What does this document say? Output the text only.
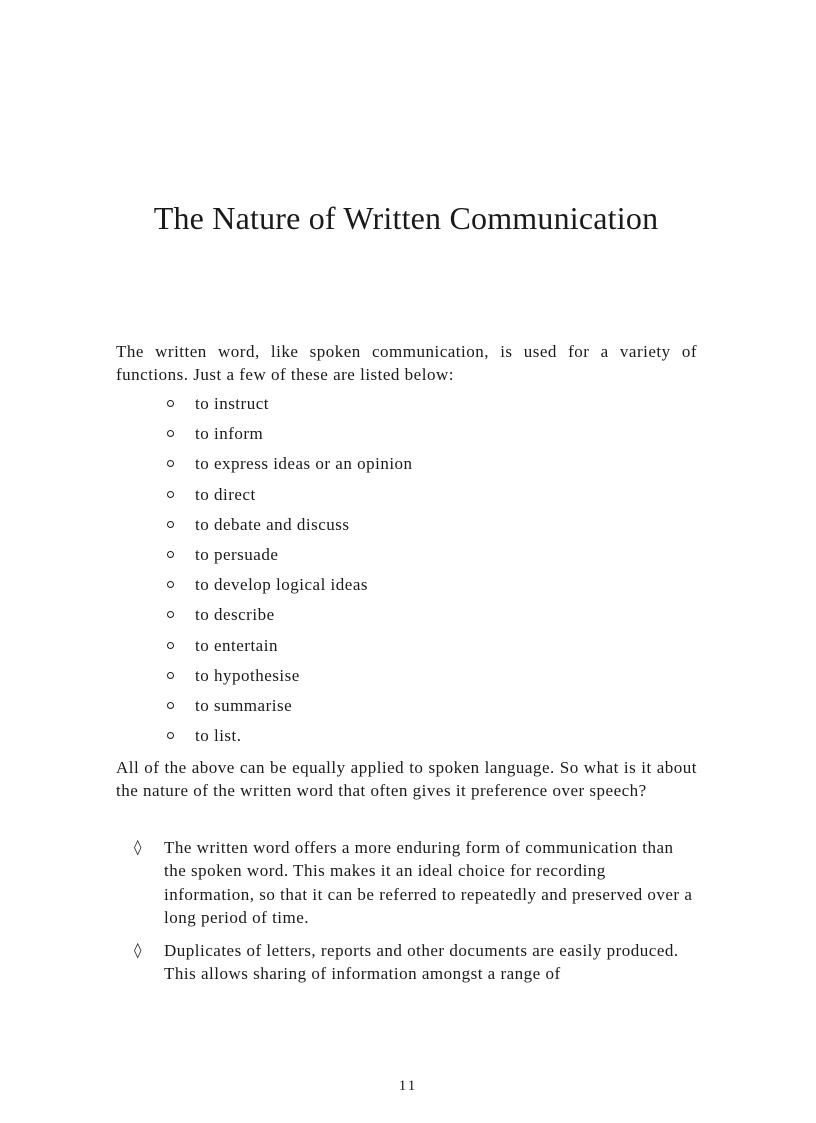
The Nature of Written Communication

The written word, like spoken communication, is used for a variety of functions. Just a few of these are listed below:

to instruct
to inform
to express ideas or an opinion
to direct
to debate and discuss
to persuade
to develop logical ideas
to describe
to entertain
to hypothesise
to summarise
to list.

All of the above can be equally applied to spoken language. So what is it about the nature of the written word that often gives it preference over speech?

◊ The written word offers a more enduring form of communication than the spoken word. This makes it an ideal choice for recording information, so that it can be referred to repeatedly and preserved over a long period of time.
◊ Duplicates of letters, reports and other documents are easily produced. This allows sharing of information amongst a range of
11
